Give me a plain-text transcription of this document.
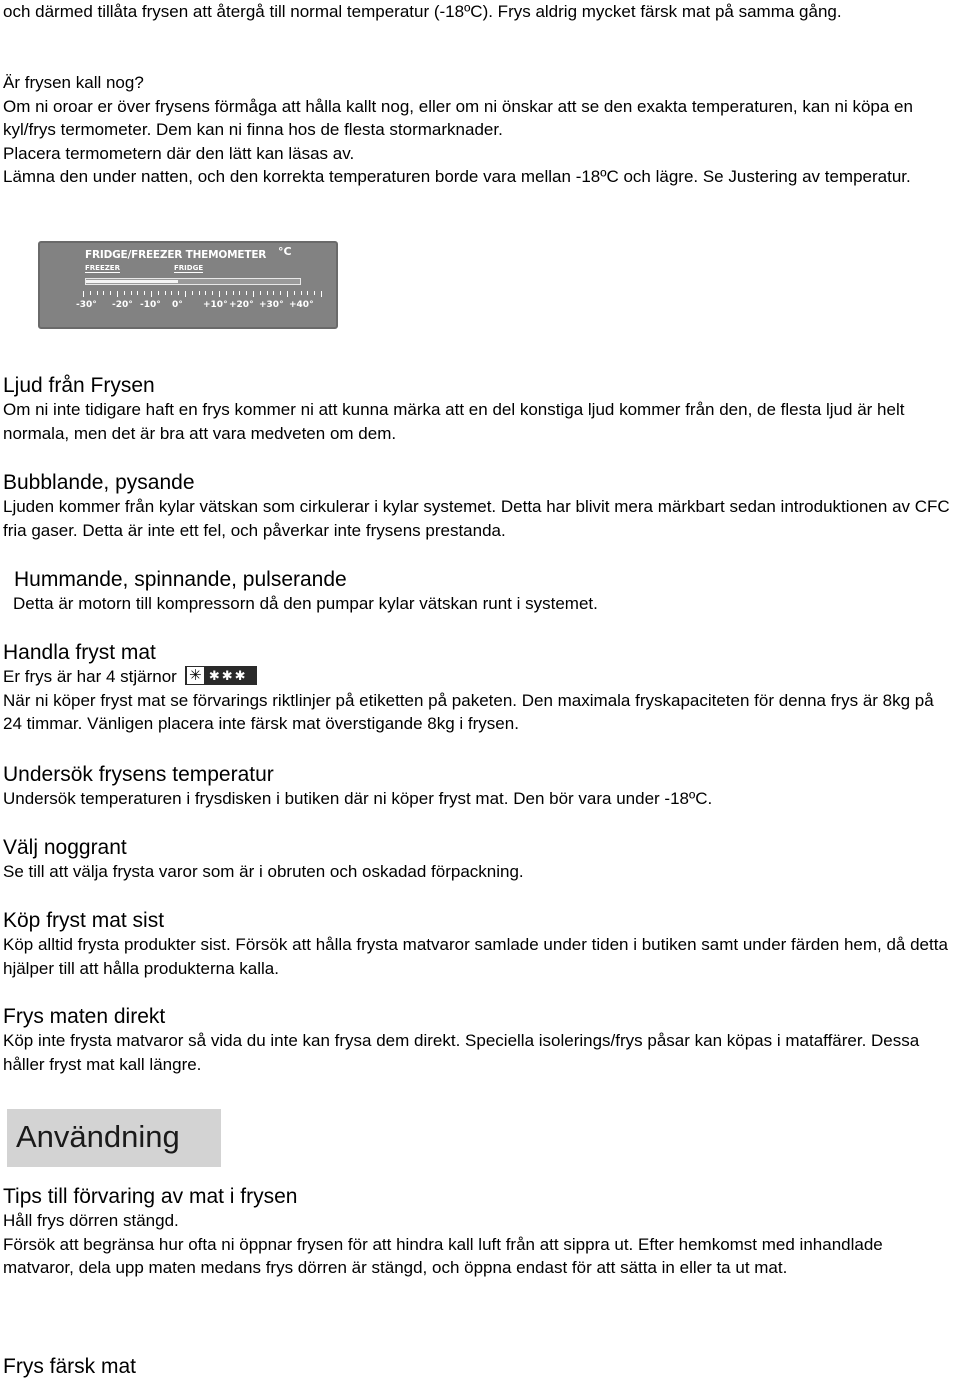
och därmed tillåta frysen att återgå till normal temperatur (-18ºC). Frys aldrig mycket färsk mat på samma gång.

Är frysen kall nog?

Om ni oroar er över frysens förmåga att hålla kallt nog, eller om ni önskar att se den exakta temperaturen, kan ni köpa en kyl/frys termometer. Dem kan ni finna hos de flesta stormarknader.

Placera termometern där den lätt kan läsas av.

Lämna den under natten, och den korrekta temperaturen borde vara mellan -18ºC och lägre. Se Justering av temperatur.

FRIDGE/FREEZER THEMOMETER °C
FREEZER	FRIDGE
-30° -20° -10° 0° +10° +20° +30° +40°
Ljud från Frysen

Om ni inte tidigare haft en frys kommer ni att kunna märka att en del konstiga ljud kommer från den, de flesta ljud är helt normala, men det är bra att vara medveten om dem.

Bubblande, pysande

Ljuden kommer från kylar vätskan som cirkulerar i kylar systemet. Detta har blivit mera märkbart sedan introduktionen av CFC fria gaser. Detta är inte ett fel, och påverkar inte frysens prestanda.

Hummande, spinnande, pulserande

Detta är motorn till kompressorn då den pumpar kylar vätskan runt i systemet.

Handla fryst mat

Er frys är har 4 stjärnor ✳ ✱✱✱

När ni köper fryst mat se förvarings riktlinjer på etiketten på paketen. Den maximala fryskapaciteten för denna frys är 8kg på 24 timmar. Vänligen placera inte färsk mat överstigande 8kg i frysen.

Undersök frysens temperatur

Undersök temperaturen i frysdisken i butiken där ni köper fryst mat. Den bör vara under -18ºC.

Välj noggrant

Se till att välja frysta varor som är i obruten och oskadad förpackning.

Köp fryst mat sist

Köp alltid frysta produkter sist. Försök att hålla frysta matvaror samlade under tiden i butiken samt under färden hem, då detta hjälper till att hålla produkterna kalla.

Frys maten direkt

Köp inte frysta matvaror så vida du inte kan frysa dem direkt. Speciella isolerings/frys påsar kan köpas i mataffärer. Dessa håller fryst mat kall längre.

Användning
Tips till förvaring av mat i frysen

Håll frys dörren stängd.

Försök att begränsa hur ofta ni öppnar frysen för att hindra kall luft från att sippra ut. Efter hemkomst med inhandlade matvaror, dela upp maten medans frys dörren är stängd, och öppna endast för att sätta in eller ta ut mat.

Frys färsk mat
